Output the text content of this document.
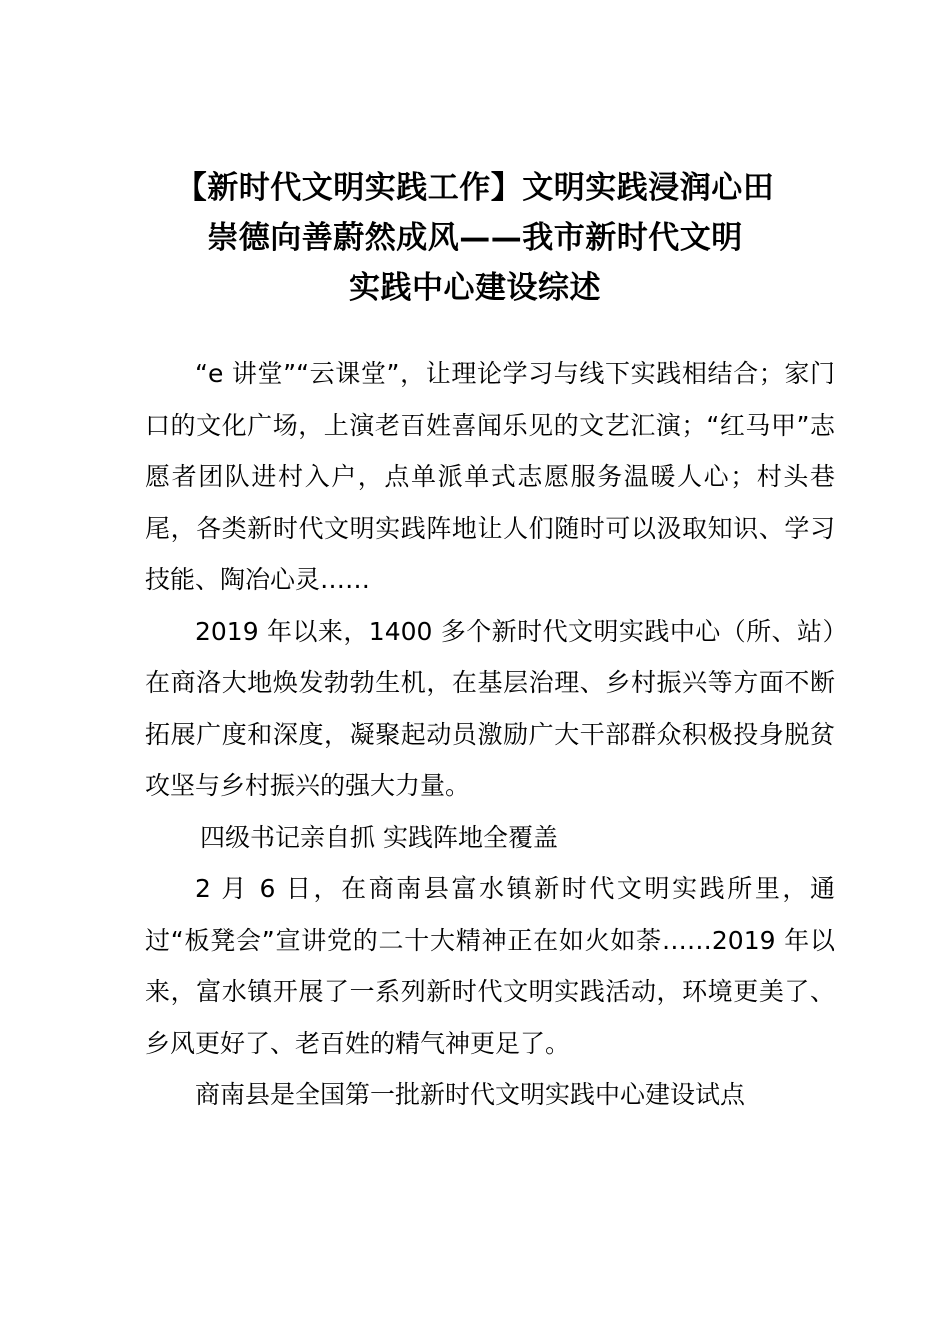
【新时代文明实践工作】文明实践浸润心田
崇德向善蔚然成风——我市新时代文明
实践中心建设综述

“e 讲堂”“云课堂”，让理论学习与线下实践相结合；家门口的文化广场，上演老百姓喜闻乐见的文艺汇演；“红马甲”志愿者团队进村入户，点单派单式志愿服务温暖人心；村头巷尾，各类新时代文明实践阵地让人们随时可以汲取知识、学习技能、陶冶心灵……

2019 年以来，1400 多个新时代文明实践中心（所、站）在商洛大地焕发勃勃生机，在基层治理、乡村振兴等方面不断拓展广度和深度，凝聚起动员激励广大干部群众积极投身脱贫攻坚与乡村振兴的强大力量。

四级书记亲自抓 实践阵地全覆盖

2 月 6 日，在商南县富水镇新时代文明实践所里，通过“板凳会”宣讲党的二十大精神正在如火如荼……2019 年以来，富水镇开展了一系列新时代文明实践活动，环境更美了、乡风更好了、老百姓的精气神更足了。

商南县是全国第一批新时代文明实践中心建设试点
